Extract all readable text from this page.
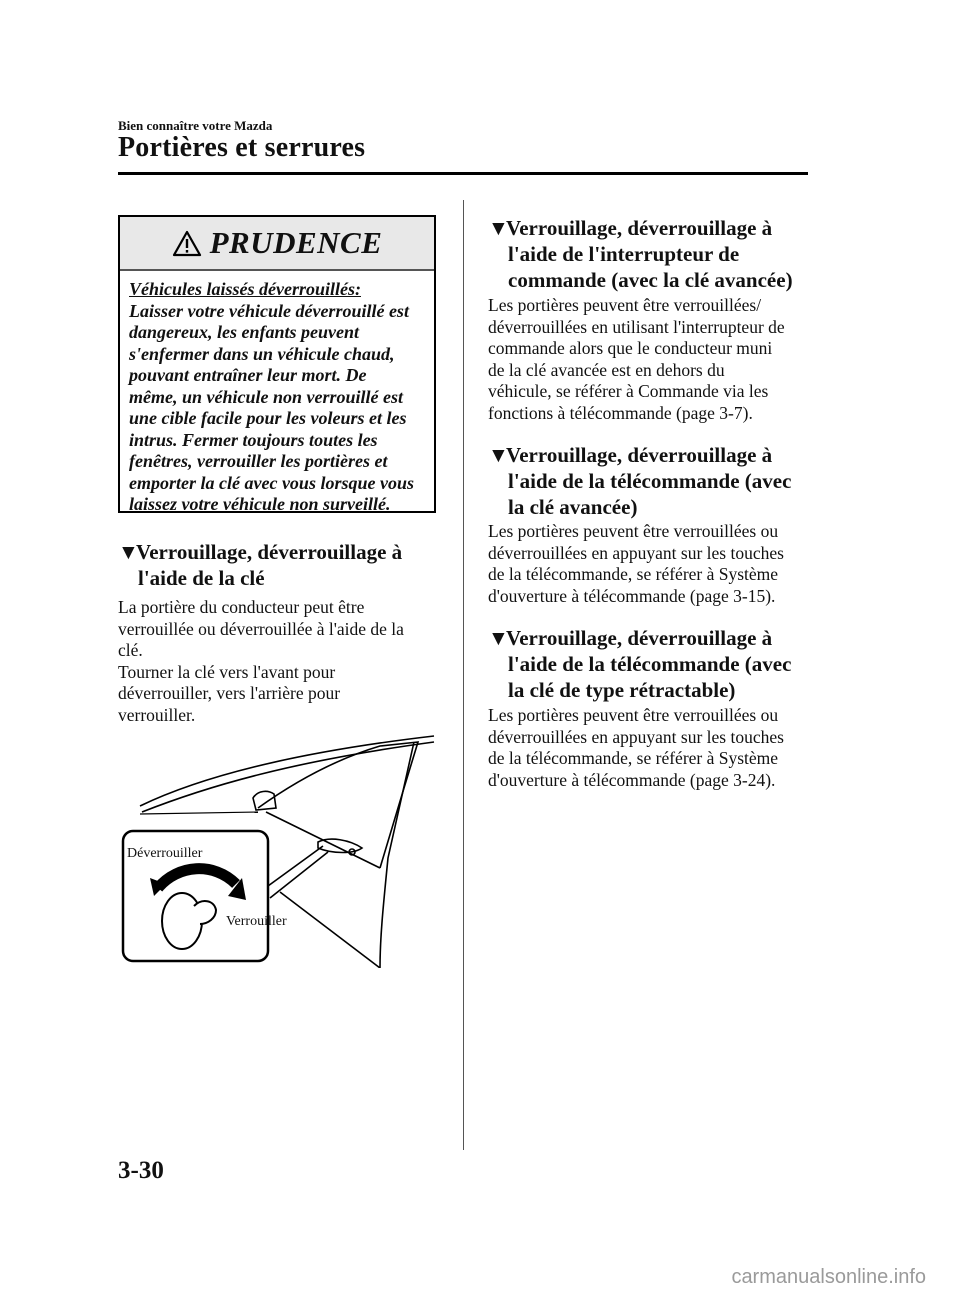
Bien connaître votre Mazda
Portières et serrures
PRUDENCE
Véhicules laissés déverrouillés:
Laisser votre véhicule déverrouillé est
dangereux, les enfants peuvent
s'enfermer dans un véhicule chaud,
pouvant entraîner leur mort. De
même, un véhicule non verrouillé est
une cible facile pour les voleurs et les
intrus. Fermer toujours toutes les
fenêtres, verrouiller les portières et
emporter la clé avec vous lorsque vous
laissez votre véhicule non surveillé.
▼Verrouillage, déverrouillage à
l'aide de la clé
La portière du conducteur peut être
verrouillée ou déverrouillée à l'aide de la
clé.
Tourner la clé vers l'avant pour
déverrouiller, vers l'arrière pour
verrouiller.
Déverrouiller
Verrouiller
▼Verrouillage, déverrouillage à
l'aide de l'interrupteur de
commande (avec la clé avancée)
Les portières peuvent être verrouillées/
déverrouillées en utilisant l'interrupteur de
commande alors que le conducteur muni
de la clé avancée est en dehors du
véhicule, se référer à Commande via les
fonctions à télécommande (page 3-7).
▼Verrouillage, déverrouillage à
l'aide de la télécommande (avec
la clé avancée)
Les portières peuvent être verrouillées ou
déverrouillées en appuyant sur les touches
de la télécommande, se référer à Système
d'ouverture à télécommande (page 3-15).
▼Verrouillage, déverrouillage à
l'aide de la télécommande (avec
la clé de type rétractable)
Les portières peuvent être verrouillées ou
déverrouillées en appuyant sur les touches
de la télécommande, se référer à Système
d'ouverture à télécommande (page 3-24).
3-30
carmanualsonline.info
